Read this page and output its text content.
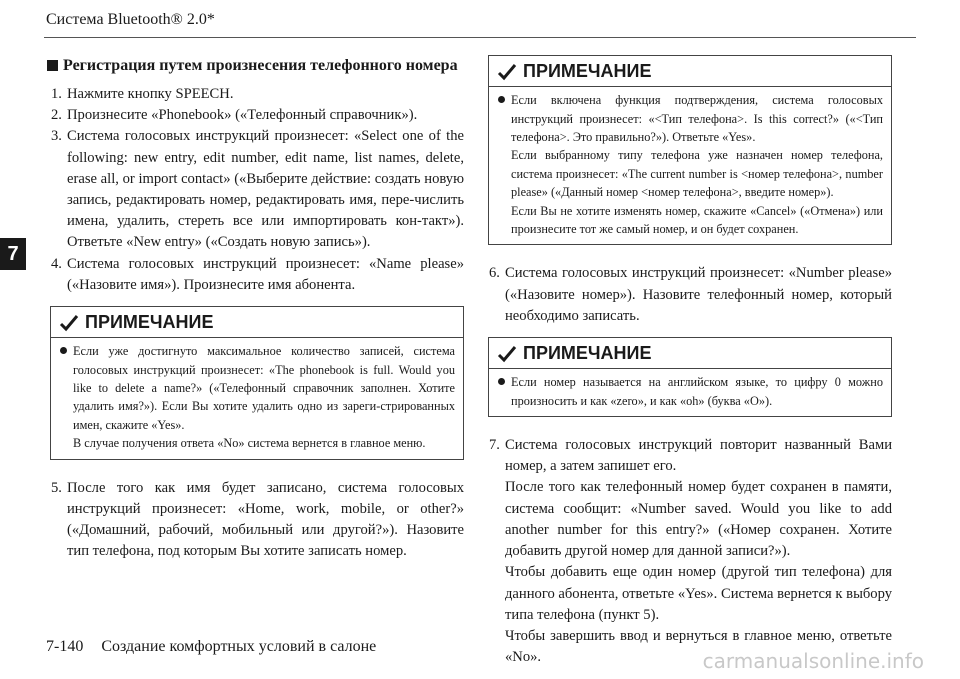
Система Bluetooth® 2.0*
7
Регистрация путем произнесения телефонного номера
1. Нажмите кнопку SPEECH.
2. Произнесите «Phonebook» («Телефонный справочник»).
3. Система голосовых инструкций произнесет: «Select one of the following: new entry, edit number, edit name, list names, delete, erase all, or import contact» («Выберите действие: создать новую запись, редактировать номер, редактировать имя, пере-числить имена, удалить, стереть все или импортировать кон-такт»). Ответьте «New entry» («Создать новую запись»).
4. Система голосовых инструкций произнесет: «Name please» («Назовите имя»). Произнесите имя абонента.
ПРИМЕЧАНИЕ

Если уже достигнуто максимальное количество записей, система голосовых инструкций произнесет: «The phonebook is full. Would you like to delete a name?» («Телефонный справочник заполнен. Хотите удалить имя?»). Если Вы хотите удалить одно из зареги-стрированных имен, скажите «Yes».

В случае получения ответа «No» система вернется в главное меню.

5. После того как имя будет записано, система голосовых инструкций произнесет: «Home, work, mobile, or other?» («Домашний, рабочий, мобильный или другой?»). Назовите тип телефона, под которым Вы хотите записать номер.
ПРИМЕЧАНИЕ

Если включена функция подтверждения, система голосовых инструкций произнесет: «<Тип телефона>. Is this correct?» («<Тип телефона>. Это правильно?»). Ответьте «Yes».

Если выбранному типу телефона уже назначен номер телефона, система произнесет: «The current number is <номер телефона>, number please» («Данный номер <номер телефона>, введите номер»).

Если Вы не хотите изменять номер, скажите «Cancel» («Отмена») или произнесите тот же самый номер, и он будет сохранен.

6. Система голосовых инструкций произнесет: «Number please» («Назовите номер»). Назовите телефонный номер, который необходимо записать.
ПРИМЕЧАНИЕ

Если номер называется на английском языке, то цифру 0 можно произносить и как «zero», и как «oh» (буква «O»).

7. Система голосовых инструкций повторит названный Вами номер, а затем запишет его.
После того как телефонный номер будет сохранен в памяти, система сообщит: «Number saved. Would you like to add another number for this entry?» («Номер сохранен. Хотите добавить другой номер для данной записи?»).
Чтобы добавить еще один номер (другой тип телефона) для данного абонента, ответьте «Yes». Система вернется к выбору типа телефона (пункт 5).
Чтобы завершить ввод и вернуться в главное меню, ответьте «No».
7-140 Создание комфортных условий в салоне
carmanualsonline.info
